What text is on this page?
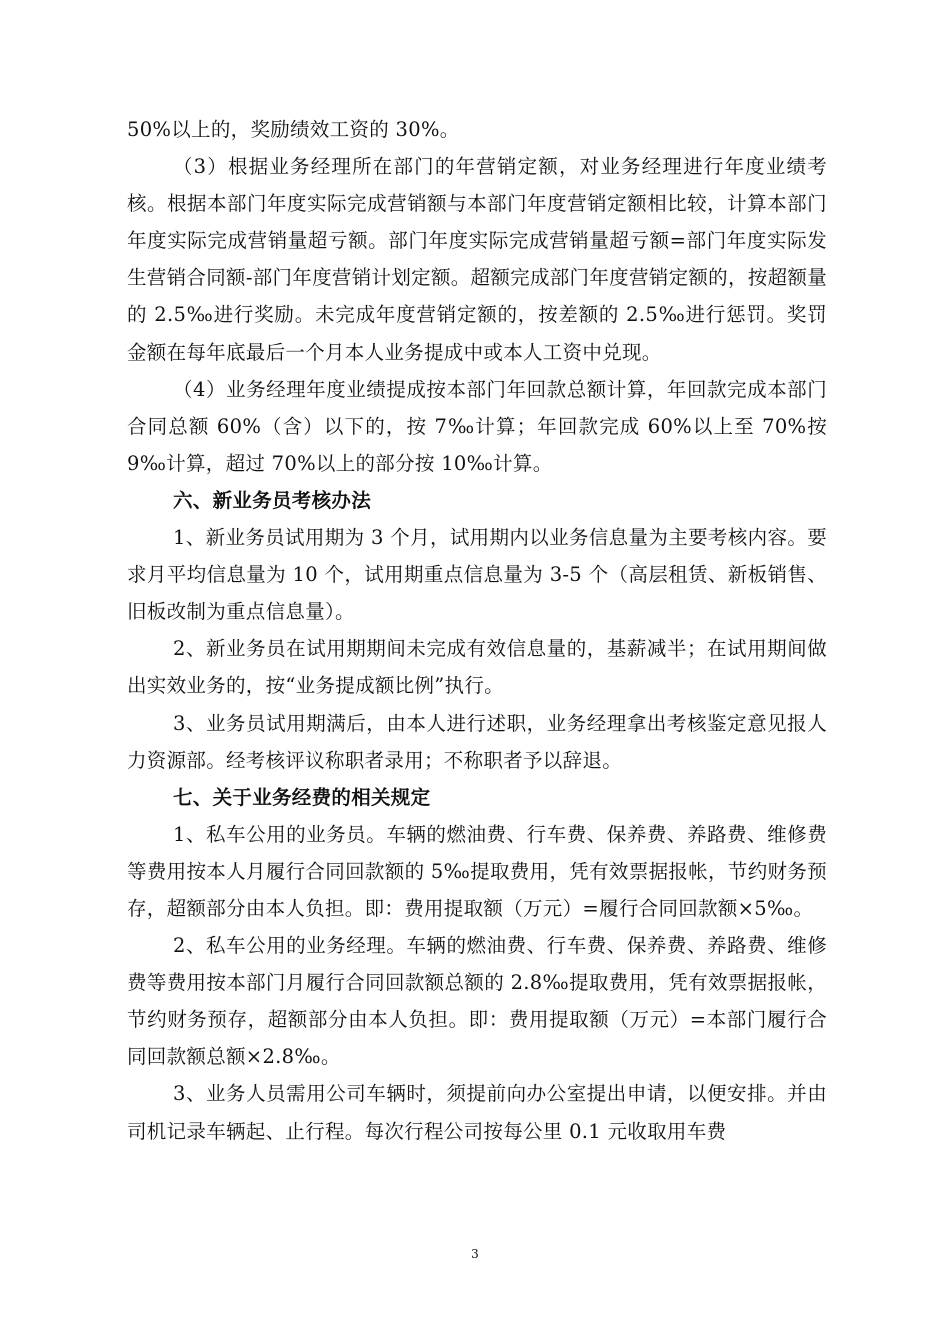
50%以上的，奖励绩效工资的 30%。

（3）根据业务经理所在部门的年营销定额，对业务经理进行年度业绩考核。根据本部门年度实际完成营销额与本部门年度营销定额相比较，计算本部门年度实际完成营销量超亏额。部门年度实际完成营销量超亏额=部门年度实际发生营销合同额-部门年度营销计划定额。超额完成部门年度营销定额的，按超额量的 2.5‰进行奖励。未完成年度营销定额的，按差额的 2.5‰进行惩罚。奖罚金额在每年底最后一个月本人业务提成中或本人工资中兑现。

（4）业务经理年度业绩提成按本部门年回款总额计算，年回款完成本部门合同总额 60%（含）以下的，按 7‰计算；年回款完成 60%以上至 70%按 9‰计算，超过 70%以上的部分按 10‰计算。

六、新业务员考核办法

1、新业务员试用期为 3 个月，试用期内以业务信息量为主要考核内容。要求月平均信息量为 10 个，试用期重点信息量为 3-5 个（高层租赁、新板销售、旧板改制为重点信息量）。

2、新业务员在试用期期间未完成有效信息量的，基薪减半；在试用期间做出实效业务的，按“业务提成额比例”执行。

3、业务员试用期满后，由本人进行述职，业务经理拿出考核鉴定意见报人力资源部。经考核评议称职者录用；不称职者予以辞退。

七、关于业务经费的相关规定

1、私车公用的业务员。车辆的燃油费、行车费、保养费、养路费、维修费等费用按本人月履行合同回款额的 5‰提取费用，凭有效票据报帐，节约财务预存，超额部分由本人负担。即：费用提取额（万元）=履行合同回款额×5‰。

2、私车公用的业务经理。车辆的燃油费、行车费、保养费、养路费、维修费等费用按本部门月履行合同回款额总额的 2.8‰提取费用，凭有效票据报帐，节约财务预存，超额部分由本人负担。即：费用提取额（万元）=本部门履行合同回款额总额×2.8‰。

3、业务人员需用公司车辆时，须提前向办公室提出申请，以便安排。并由司机记录车辆起、止行程。每次行程公司按每公里 0.1 元收取用车费

3
